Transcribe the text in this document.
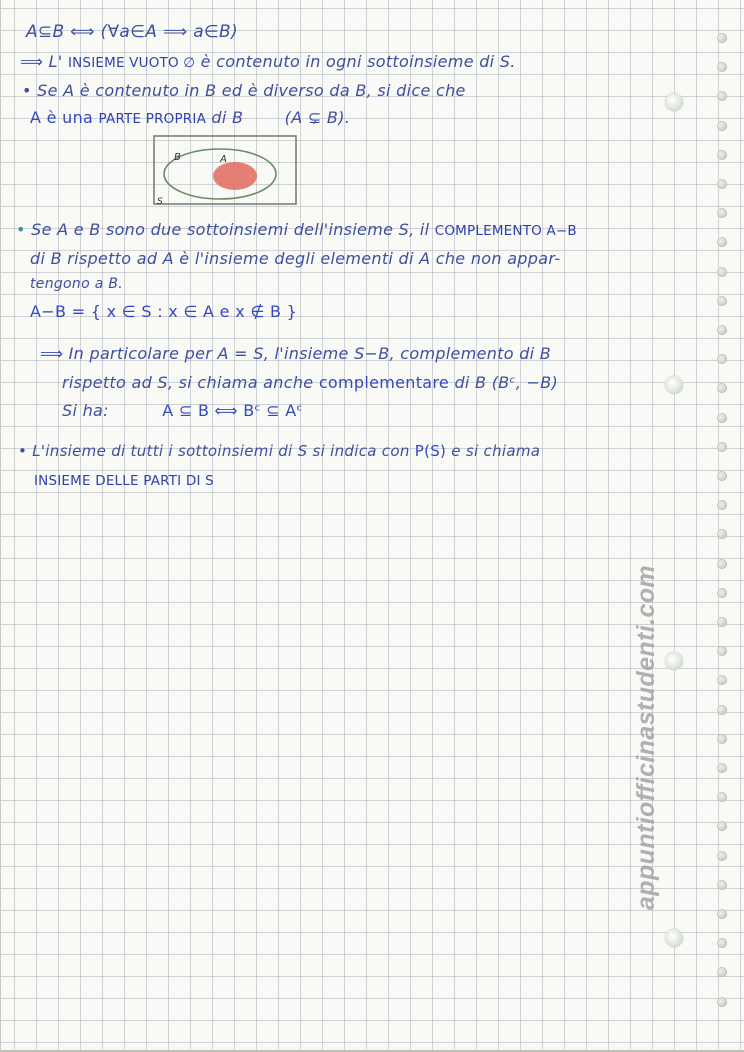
A⊆B ⟺ (∀a∈A ⟹ a∈B)
⟹ L' INSIEME VUOTO ∅ è contenuto in ogni sottoinsieme di S.
• Se A è contenuto in B ed è diverso da B, si dice che
A è una PARTE PROPRIA di B	(A ⊊ B).
B	A
S
• Se A e B sono due sottoinsiemi dell'insieme S, il COMPLEMENTO A−B
di B rispetto ad A è l'insieme degli elementi di A che non appar-
tengono a B.
A−B = { x ∈ S : x ∈ A e x ∉ B }
⟹ In particolare per A = S, l'insieme S−B, complemento di B
rispetto ad S, si chiama anche complementare di B (Bᶜ, −B)
Si ha:	A ⊆ B ⟺ Bᶜ ⊆ Aᶜ
• L'insieme di tutti i sottoinsiemi di S si indica con P(S) e si chiama
INSIEME DELLE PARTI DI S
appuntiofficinastudenti.com
